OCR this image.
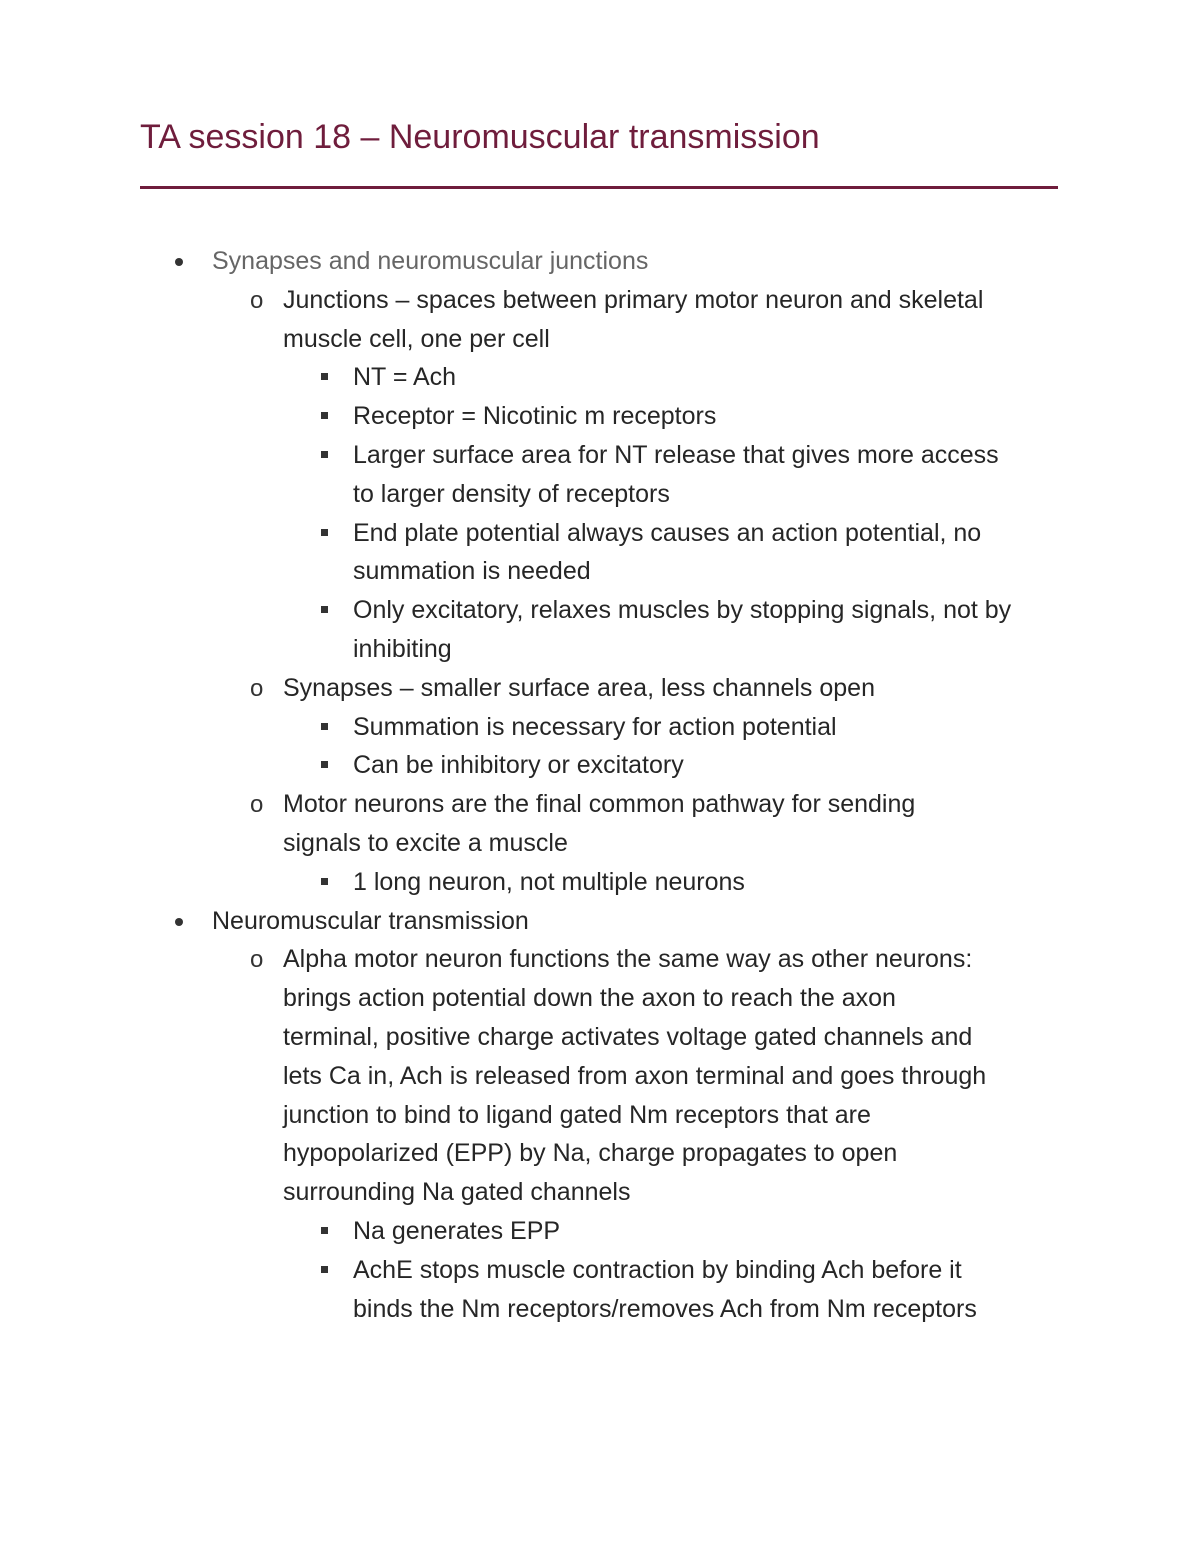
TA session 18 – Neuromuscular transmission
Synapses and neuromuscular junctions
o Junctions – spaces between primary motor neuron and skeletal
muscle cell, one per cell
NT = Ach
Receptor = Nicotinic m receptors
Larger surface area for NT release that gives more access
to larger density of receptors
End plate potential always causes an action potential, no
summation is needed
Only excitatory, relaxes muscles by stopping signals, not by
inhibiting
o Synapses – smaller surface area, less channels open
Summation is necessary for action potential
Can be inhibitory or excitatory
o Motor neurons are the final common pathway for sending
signals to excite a muscle
1 long neuron, not multiple neurons
Neuromuscular transmission
o Alpha motor neuron functions the same way as other neurons:
brings action potential down the axon to reach the axon
terminal, positive charge activates voltage gated channels and
lets Ca in, Ach is released from axon terminal and goes through
junction to bind to ligand gated Nm receptors that are
hypopolarized (EPP) by Na, charge propagates to open
surrounding Na gated channels
Na generates EPP
AchE stops muscle contraction by binding Ach before it
binds the Nm receptors/removes Ach from Nm receptors
